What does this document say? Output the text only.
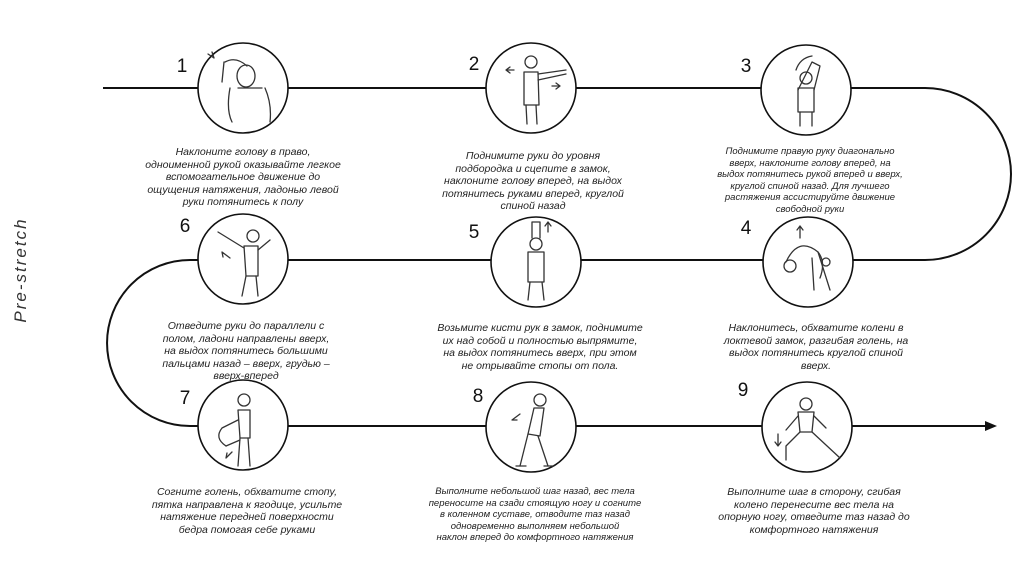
Pre-stretch
1	2	3
4
5
6
7	8	9
Наклоните голову в право,
одноименной рукой оказывайте легкое
вспомогательное движение до
ощущения натяжения, ладонью левой
руки потянитесь к полу
Поднимите руки до уровня
подбородка и сцепите в замок,
наклоните голову вперед, на выдох
потянитесь руками вперед, круглой
спиной назад
Поднимите правую руку диагонально
вверх, наклоните голову вперед, на
выдох потянитесь рукой вперед и вверх,
круглой спиной назад. Для лучшего
растяжения ассистируйте движение
свободной руки
Наклонитесь, обхватите колени в
локтевой замок, разгибая голень, на
выдох потянитесь круглой спиной
вверх.
Возьмите кисти рук в замок, поднимите
их над собой и полностью выпрямите,
на выдох потянитесь вверх, при этом
не отрывайте стопы от пола.
Отведите руки до параллели с
полом, ладони направлены вверх,
на выдох потянитесь большими
пальцами назад – вверх, грудью –
вверх-вперед
Согните голень, обхватите стопу,
пятка направлена к ягодице, усильте
натяжение передней поверхности
бедра помогая себе руками
Выполните небольшой шаг назад, вес тела
переносите на сзади стоящую ногу и согните
в коленном суставе, отводите таз назад
одновременно выполняем небольшой
наклон вперед до комфортного натяжения
Выполните шаг в сторону, сгибая
колено перенесите вес тела на
опорную ногу, отведите таз назад до
комфортного натяжения
